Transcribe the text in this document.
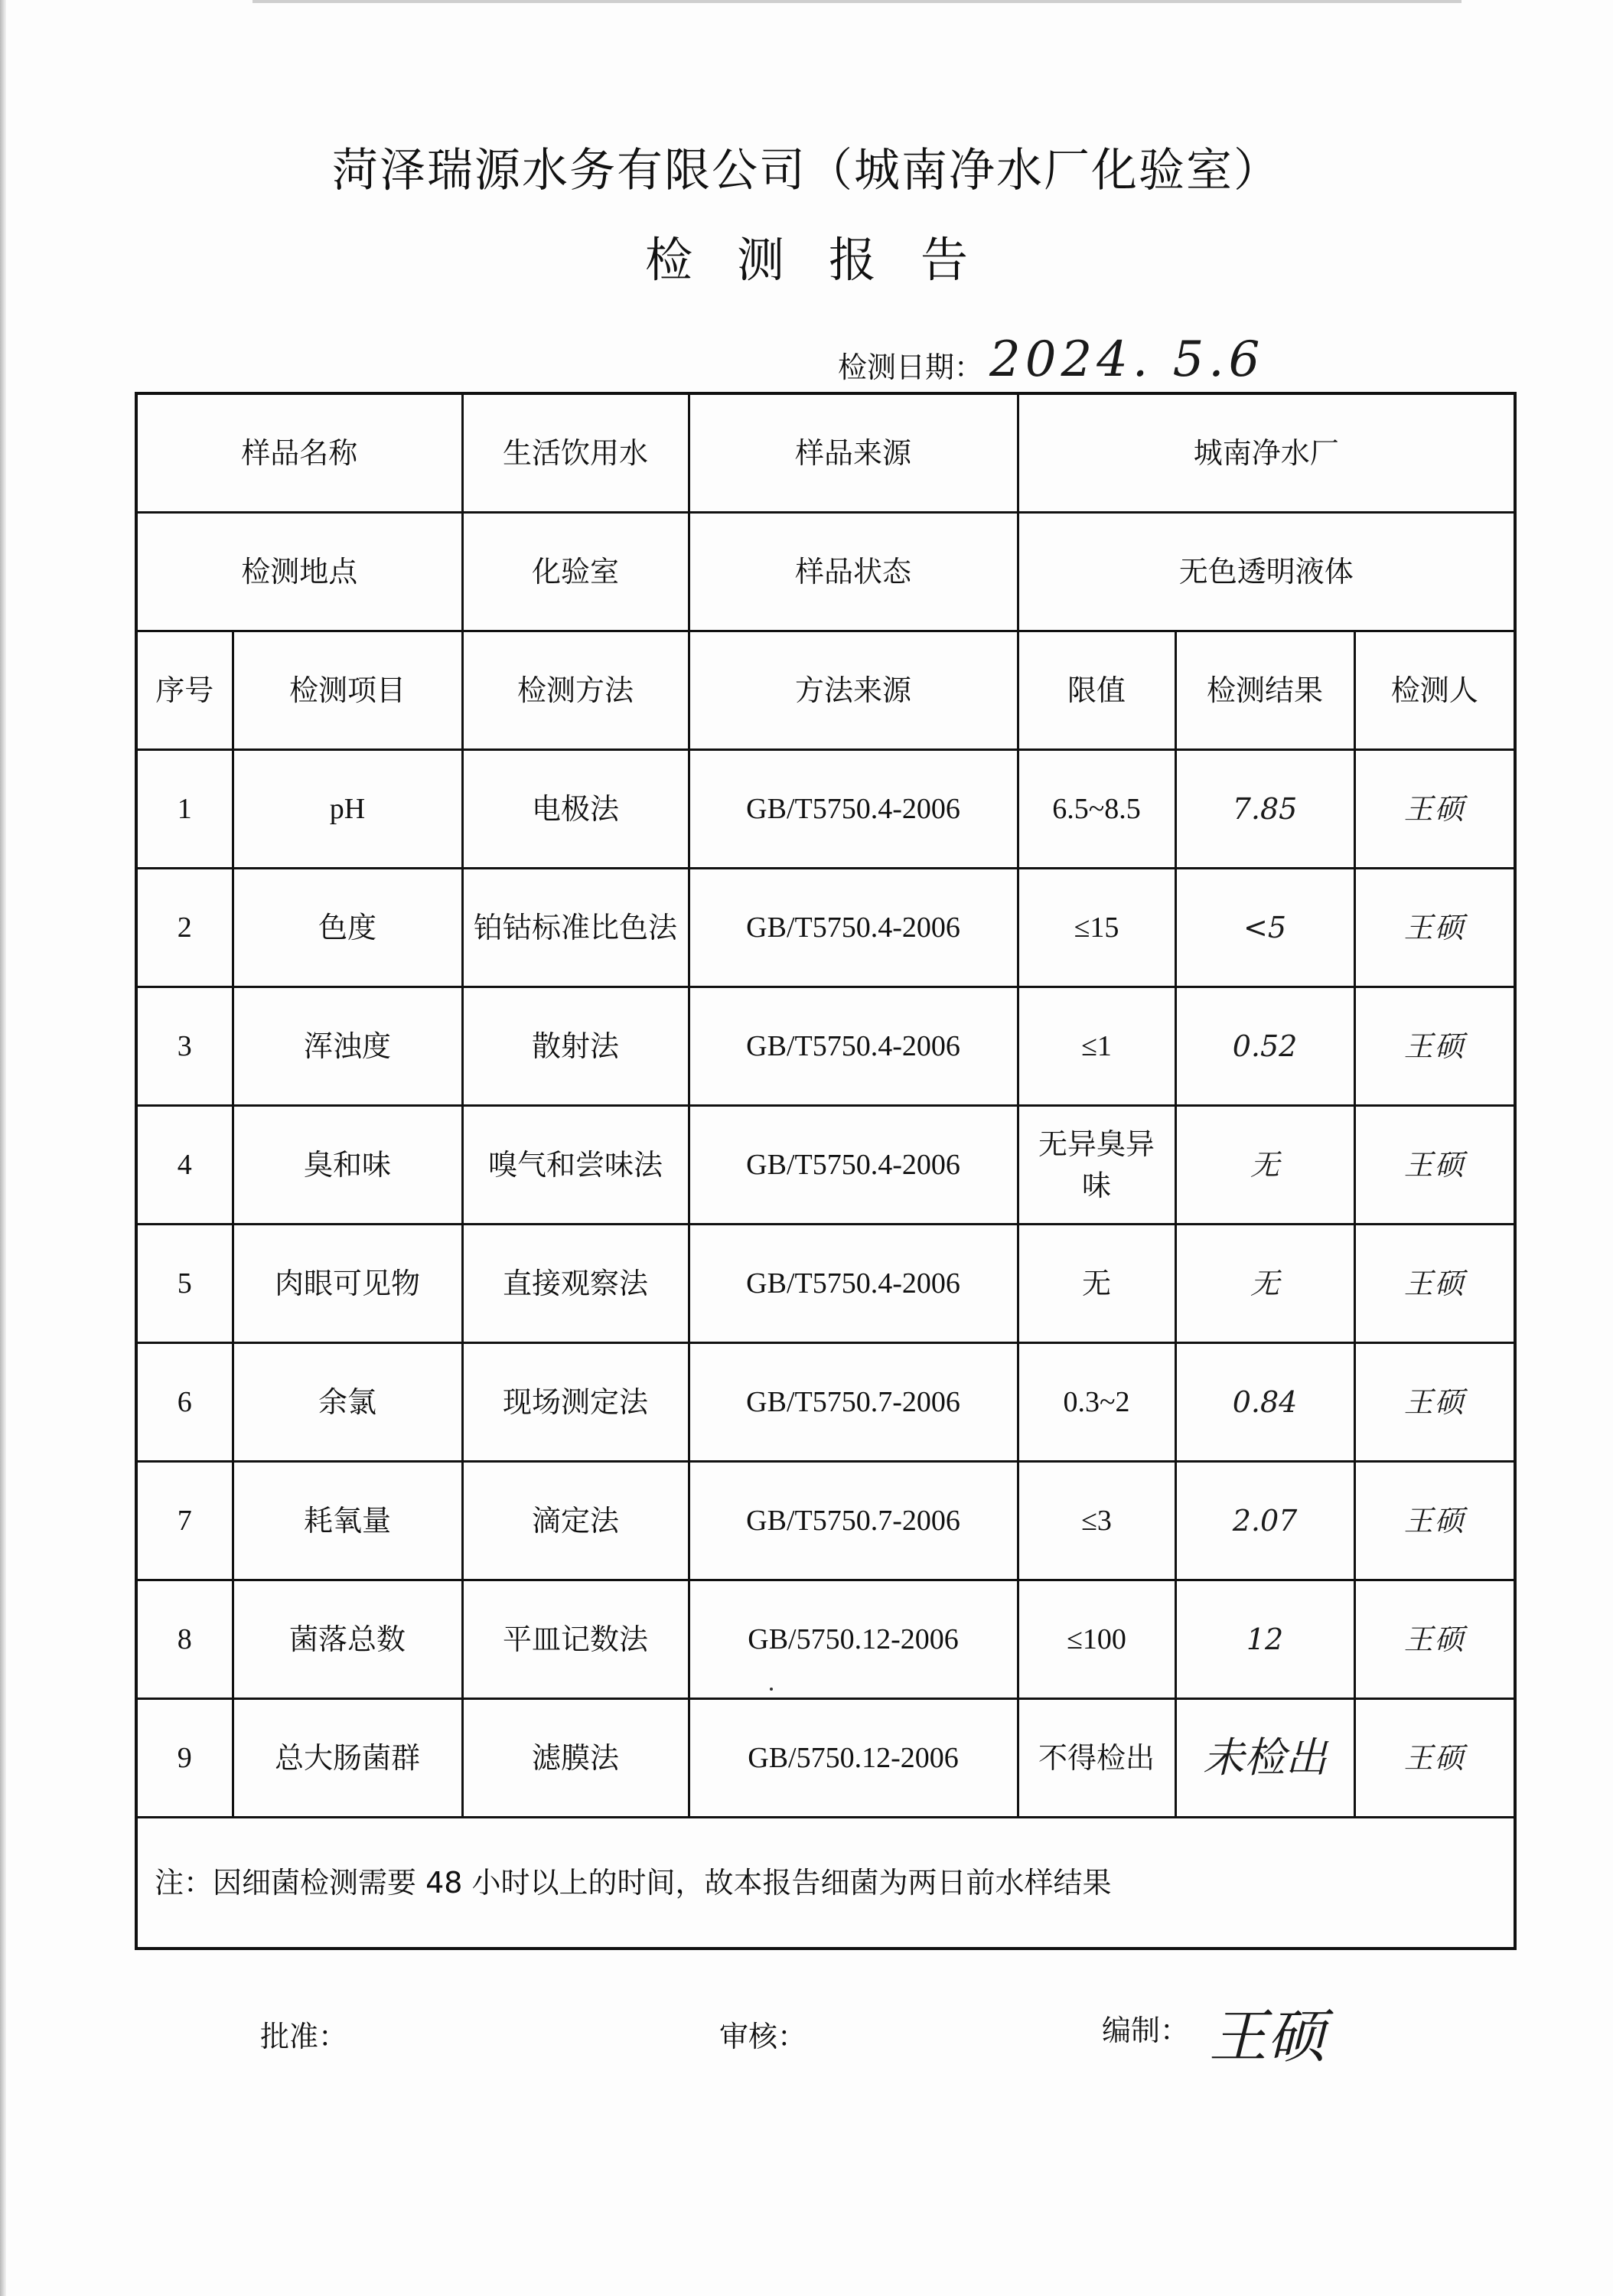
菏泽瑞源水务有限公司（城南净水厂化验室）
检测报告
检测日期： 2024. 5.6
样品名称		生活饮用水	样品来源	城南净水厂		
检测地点		化验室	样品状态	无色透明液体		
序号	检测项目	检测方法	方法来源	限值	检测结果	检测人
1	pH	电极法	GB/T5750.4-2006	6.5~8.5	7.85	王硕
2	色度	铂钴标准比色法	GB/T5750.4-2006	≤15	<5	王硕
3	浑浊度	散射法	GB/T5750.4-2006	≤1	0.52	王硕
4	臭和味	嗅气和尝味法	GB/T5750.4-2006	无异臭异味	无	王硕
5	肉眼可见物	直接观察法	GB/T5750.4-2006	无	无	王硕
6	余氯	现场测定法	GB/T5750.7-2006	0.3~2	0.84	王硕
7	耗氧量	滴定法	GB/T5750.7-2006	≤3	2.07	王硕
8	菌落总数	平皿记数法	GB/5750.12-2006	≤100	12	王硕
9	总大肠菌群	滤膜法	GB/5750.12-2006	不得检出	未检出	王硕
注：因细菌检测需要 48 小时以上的时间，故本报告细菌为两日前水样结果						
批准：	审核：	编制： 王硕
